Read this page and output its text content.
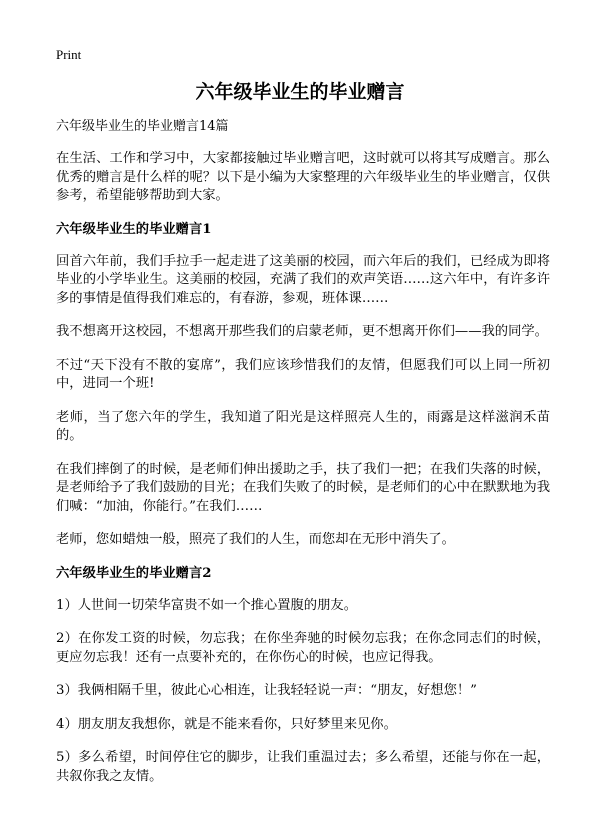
Print
六年级毕业生的毕业赠言

六年级毕业生的毕业赠言14篇

在生活、工作和学习中，大家都接触过毕业赠言吧，这时就可以将其写成赠言。那么优秀的赠言是什么样的呢？以下是小编为大家整理的六年级毕业生的毕业赠言，仅供参考，希望能够帮助到大家。

六年级毕业生的毕业赠言1

回首六年前，我们手拉手一起走进了这美丽的校园，而六年后的我们，已经成为即将毕业的小学毕业生。这美丽的校园，充满了我们的欢声笑语……这六年中，有许多许多的事情是值得我们难忘的，有春游，参观，班体课……

我不想离开这校园，不想离开那些我们的启蒙老师，更不想离开你们——我的同学。

不过“天下没有不散的宴席”，我们应该珍惜我们的友情，但愿我们可以上同一所初中，进同一个班!

老师，当了您六年的学生，我知道了阳光是这样照亮人生的，雨露是这样滋润禾苗的。

在我们摔倒了的时候，是老师们伸出援助之手，扶了我们一把；在我们失落的时候，是老师给予了我们鼓励的目光；在我们失败了的时候，是老师们的心中在默默地为我们喊：“加油，你能行。”在我们……

老师，您如蜡烛一般，照亮了我们的人生，而您却在无形中消失了。

六年级毕业生的毕业赠言2

1）人世间一切荣华富贵不如一个推心置腹的朋友。

2）在你发工资的时候，勿忘我；在你坐奔驰的时候勿忘我；在你念同志们的时候，更应勿忘我！还有一点要补充的，在你伤心的时候，也应记得我。

3）我俩相隔千里，彼此心心相连，让我轻轻说一声：“朋友，好想您！”

4）朋友朋友我想你，就是不能来看你，只好梦里来见你。

5）多么希望，时间停住它的脚步，让我们重温过去；多么希望，还能与你在一起，共叙你我之友情。
